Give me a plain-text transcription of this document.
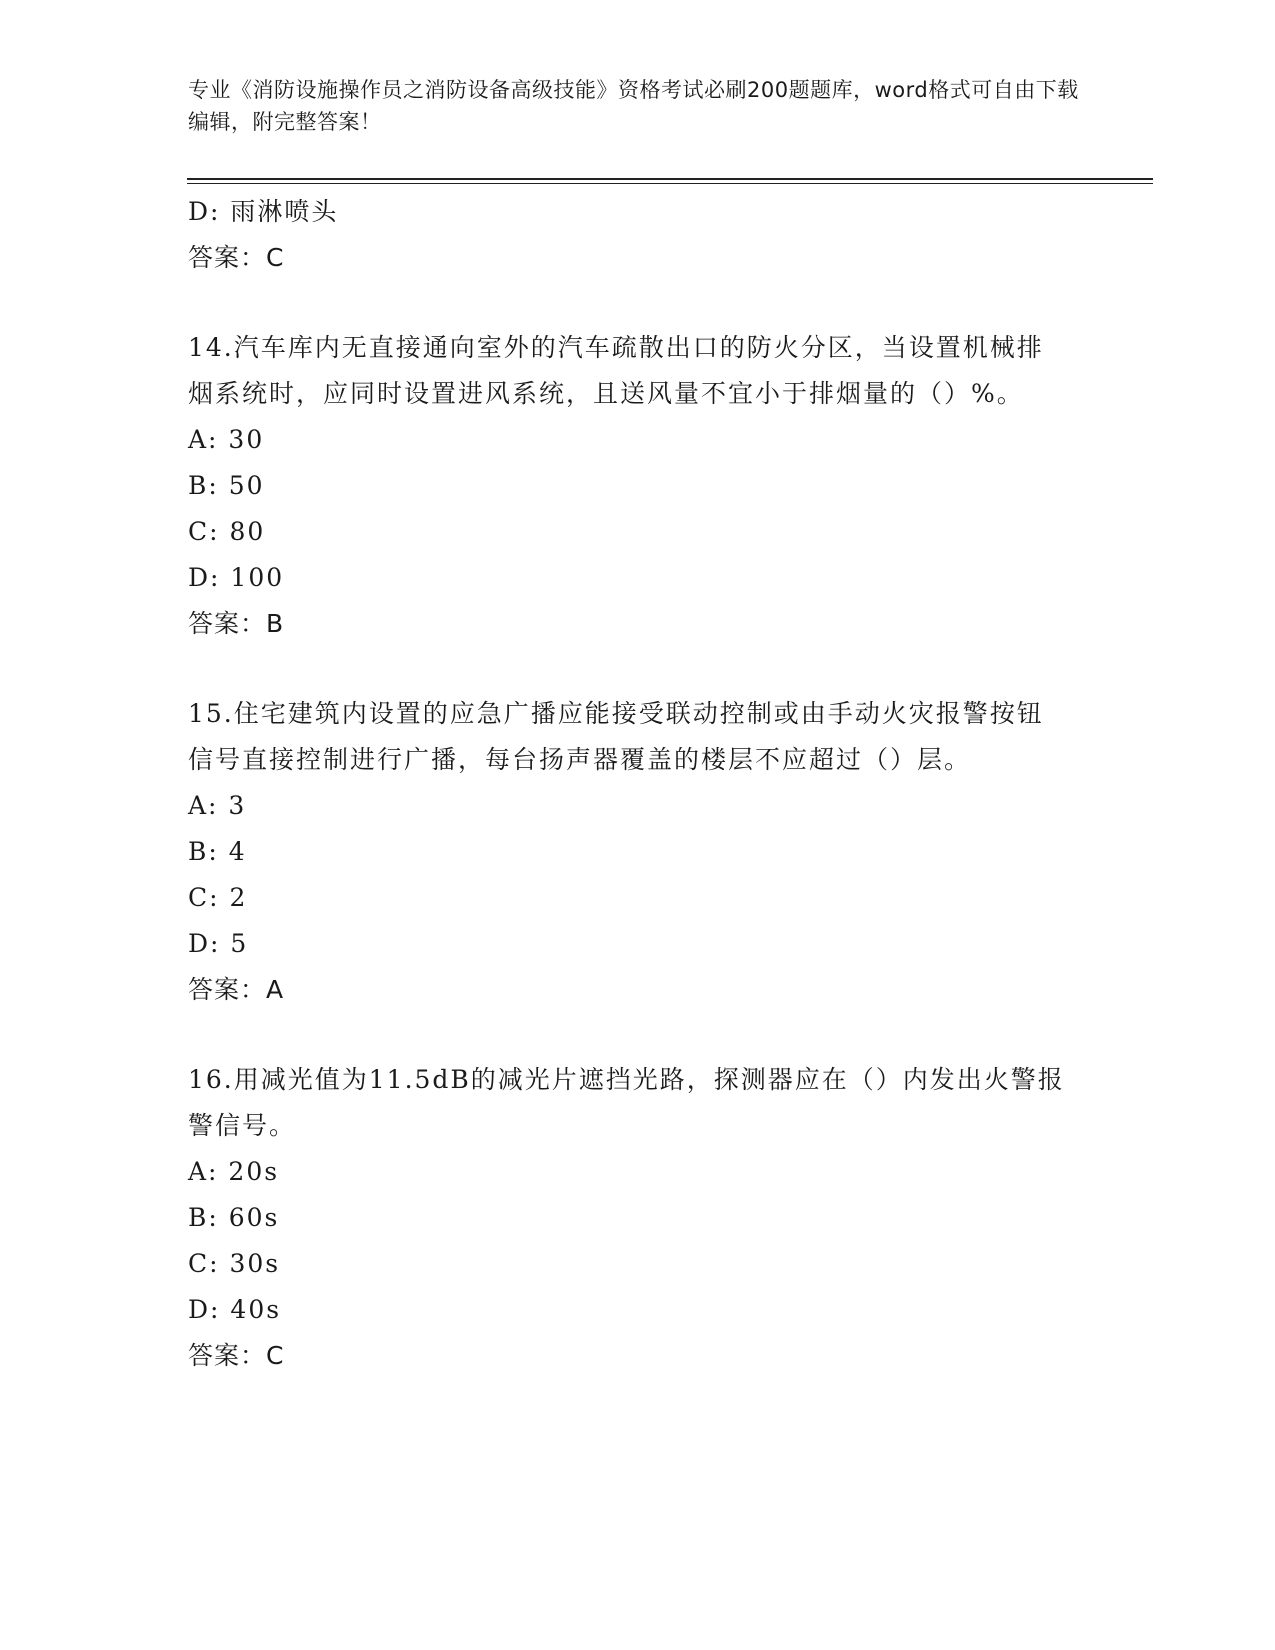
专业《消防设施操作员之消防设备高级技能》资格考试必刷200题题库，word格式可自由下载编辑，附完整答案！
D: 雨淋喷头
答案：C
14.汽车库内无直接通向室外的汽车疏散出口的防火分区，当设置机械排烟系统时，应同时设置进风系统，且送风量不宜小于排烟量的（）%。
A: 30
B: 50
C: 80
D: 100
答案：B
15.住宅建筑内设置的应急广播应能接受联动控制或由手动火灾报警按钮信号直接控制进行广播，每台扬声器覆盖的楼层不应超过（）层。
A: 3
B: 4
C: 2
D: 5
答案：A
16.用减光值为11.5dB的减光片遮挡光路，探测器应在（）内发出火警报警信号。
A: 20s
B: 60s
C: 30s
D: 40s
答案：C
